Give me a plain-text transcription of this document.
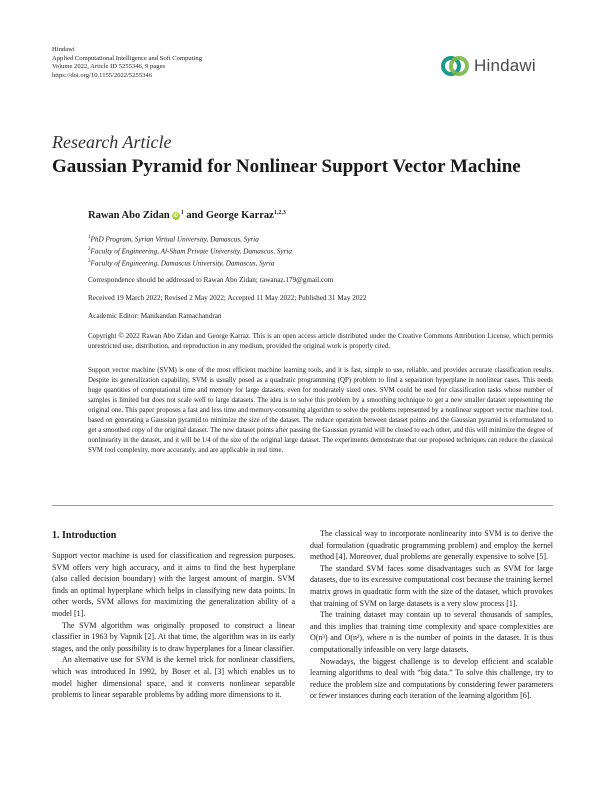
Hindawi
Applied Computational Intelligence and Soft Computing
Volume 2022, Article ID 5255346, 9 pages
https://doi.org/10.1155/2022/5255346
Hindawi
Research Article
Gaussian Pyramid for Nonlinear Support Vector Machine
Rawan Abo Zidan iD $^1$ and George Karraz$^{1,2,3}$
$^1$PhD Program, Syrian Virtual University, Damascus, Syria
$^2$Faculty of Engineering, Al-Sham Private University, Damascus, Syria
$^3$Faculty of Engineering, Damascus University, Damascus, Syria
Correspondence should be addressed to Rawan Abo Zidan; rawanaz.179@gmail.com
Received 19 March 2022; Revised 2 May 2022; Accepted 11 May 2022; Published 31 May 2022
Academic Editor: Manikandan Ramachandran
Copyright © 2022 Rawan Abo Zidan and George Karraz. This is an open access article distributed under the Creative Commons Attribution License, which permits unrestricted use, distribution, and reproduction in any medium, provided the original work is properly cited.
Support vector machine (SVM) is one of the most efficient machine learning tools, and it is fast, simple to use, reliable, and provides accurate classification results. Despite its generalization capability, SVM is usually posed as a quadratic programming (QP) problem to find a separation hyperplane in nonlinear cases. This needs huge quantities of computational time and memory for large datasets, even for moderately sized ones. SVM could be used for classification tasks whose number of samples is limited but does not scale well to large datasets. The idea is to solve this problem by a smoothing technique to get a new smaller dataset representing the original one. This paper proposes a fast and less time and memory-consuming algorithm to solve the problems represented by a nonlinear support vector machine tool, based on generating a Gaussian pyramid to minimize the size of the dataset. The reduce operation between dataset points and the Gaussian pyramid is reformulated to get a smoothed copy of the original dataset. The new dataset points after passing the Gaussian pyramid will be closed to each other, and this will minimize the degree of nonlinearity in the dataset, and it will be 1/4 of the size of the original large dataset. The experiments demonstrate that our proposed techniques can reduce the classical SVM tool complexity, more accurately, and are applicable in real time.
1. Introduction

Support vector machine is used for classification and regression purposes. SVM offers very high accuracy, and it aims to find the best hyperplane (also called decision boundary) with the largest amount of margin. SVM finds an optimal hyperplane which helps in classifying new data points. In other words, SVM allows for maximizing the generalization ability of a model [1].

The SVM algorithm was originally proposed to construct a linear classifier in 1963 by Vapnik [2]. At that time, the algorithm was in its early stages, and the only possibility is to draw hyperplanes for a linear classifier.

An alternative use for SVM is the kernel trick for nonlinear classifiers, which was introduced In 1992, by Boser et al. [3] which enables us to model higher dimensional space, and it converts nonlinear separable problems to linear separable problems by adding more dimensions to it.

The classical way to incorporate nonlinearity into SVM is to derive the dual formulation (quadratic programming problem) and employ the kernel method [4]. Moreover, dual problems are generally expensive to solve [5].

The standard SVM faces some disadvantages such as SVM for large datasets, due to its excessive computational cost because the training kernel matrix grows in quadratic form with the size of the dataset, which provokes that training of SVM on large datasets is a very slow process [1].

The training dataset may contain up to several thousands of samples, and this implies that training time complexity and space complexities are O(n³) and O(n²), where n is the number of points in the dataset. It is thus computationally infeasible on very large datasets.

Nowadays, the biggest challenge is to develop efficient and scalable learning algorithms to deal with “big data.” To solve this challenge, try to reduce the problem size and computations by considering fewer parameters or fewer instances during each iteration of the learning algorithm [6].
